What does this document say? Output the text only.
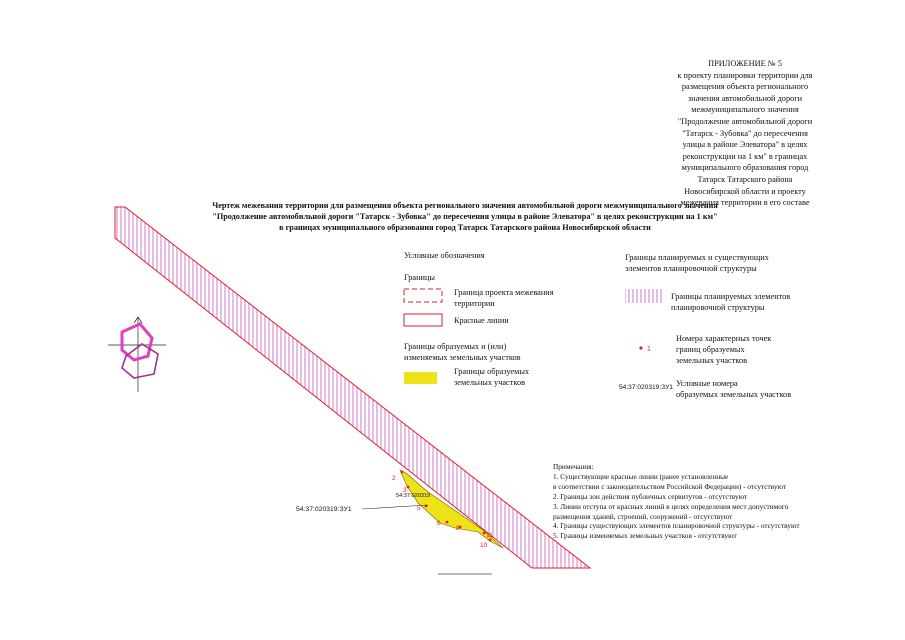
2
3
5
6
8
10
11
54:37:020319:ЗУ1
54:37:020319
1
54:37:020319:ЗУ1
ПРИЛОЖЕНИЕ № 5
к проекту планировки территории для
размещения объекта регионального
значения автомобильной дороги
межмуниципального значения
"Продолжение автомобильной дороги
"Татарск - Зубовка" до пересечения
улицы в районе Элеватора" в целях
реконструкции на 1 км" в границах
муниципального образования город
Татарск Татарского района
Новосибирской области и проекту
межевания территории в его составе
Чертеж межевания территории для размещения объекта регионального значения автомобильной дороги межмуниципального значения
"Продолжение автомобильной дороги "Татарск - Зубовка" до пересечения улицы в районе Элеватора" в целях реконструкции на 1 км"
в границах муниципального образования город Татарск Татарского района Новосибирской области
Условные обозначения
Границы
Граница проекта межевания
территории
Красные линии
Границы образуемых и (или)
изменяемых земельных участков
Границы образуемых
земельных участков
Границы планируемых и существующих
элементов планировочной структуры
Границы планируемых элементов
планировочной структуры
Номера характерных точек
границ образуемых
земельных участков
Условные номера
образуемых земельных участков
Примечания:
1. Существующие красные линии (ранее установленные
в соответствии с законодательством Российской Федерации) - отсутствуют
2. Границы зон действия публичных сервитутов - отсутствуют
3. Линии отступа от красных линий в целях определения мест допустимого
размещения зданий, строений, сооружений - отсутствуют
4. Границы существующих элементов планировочной структуры - отсутствуют
5. Границы изменяемых земельных участков - отсутствуют
